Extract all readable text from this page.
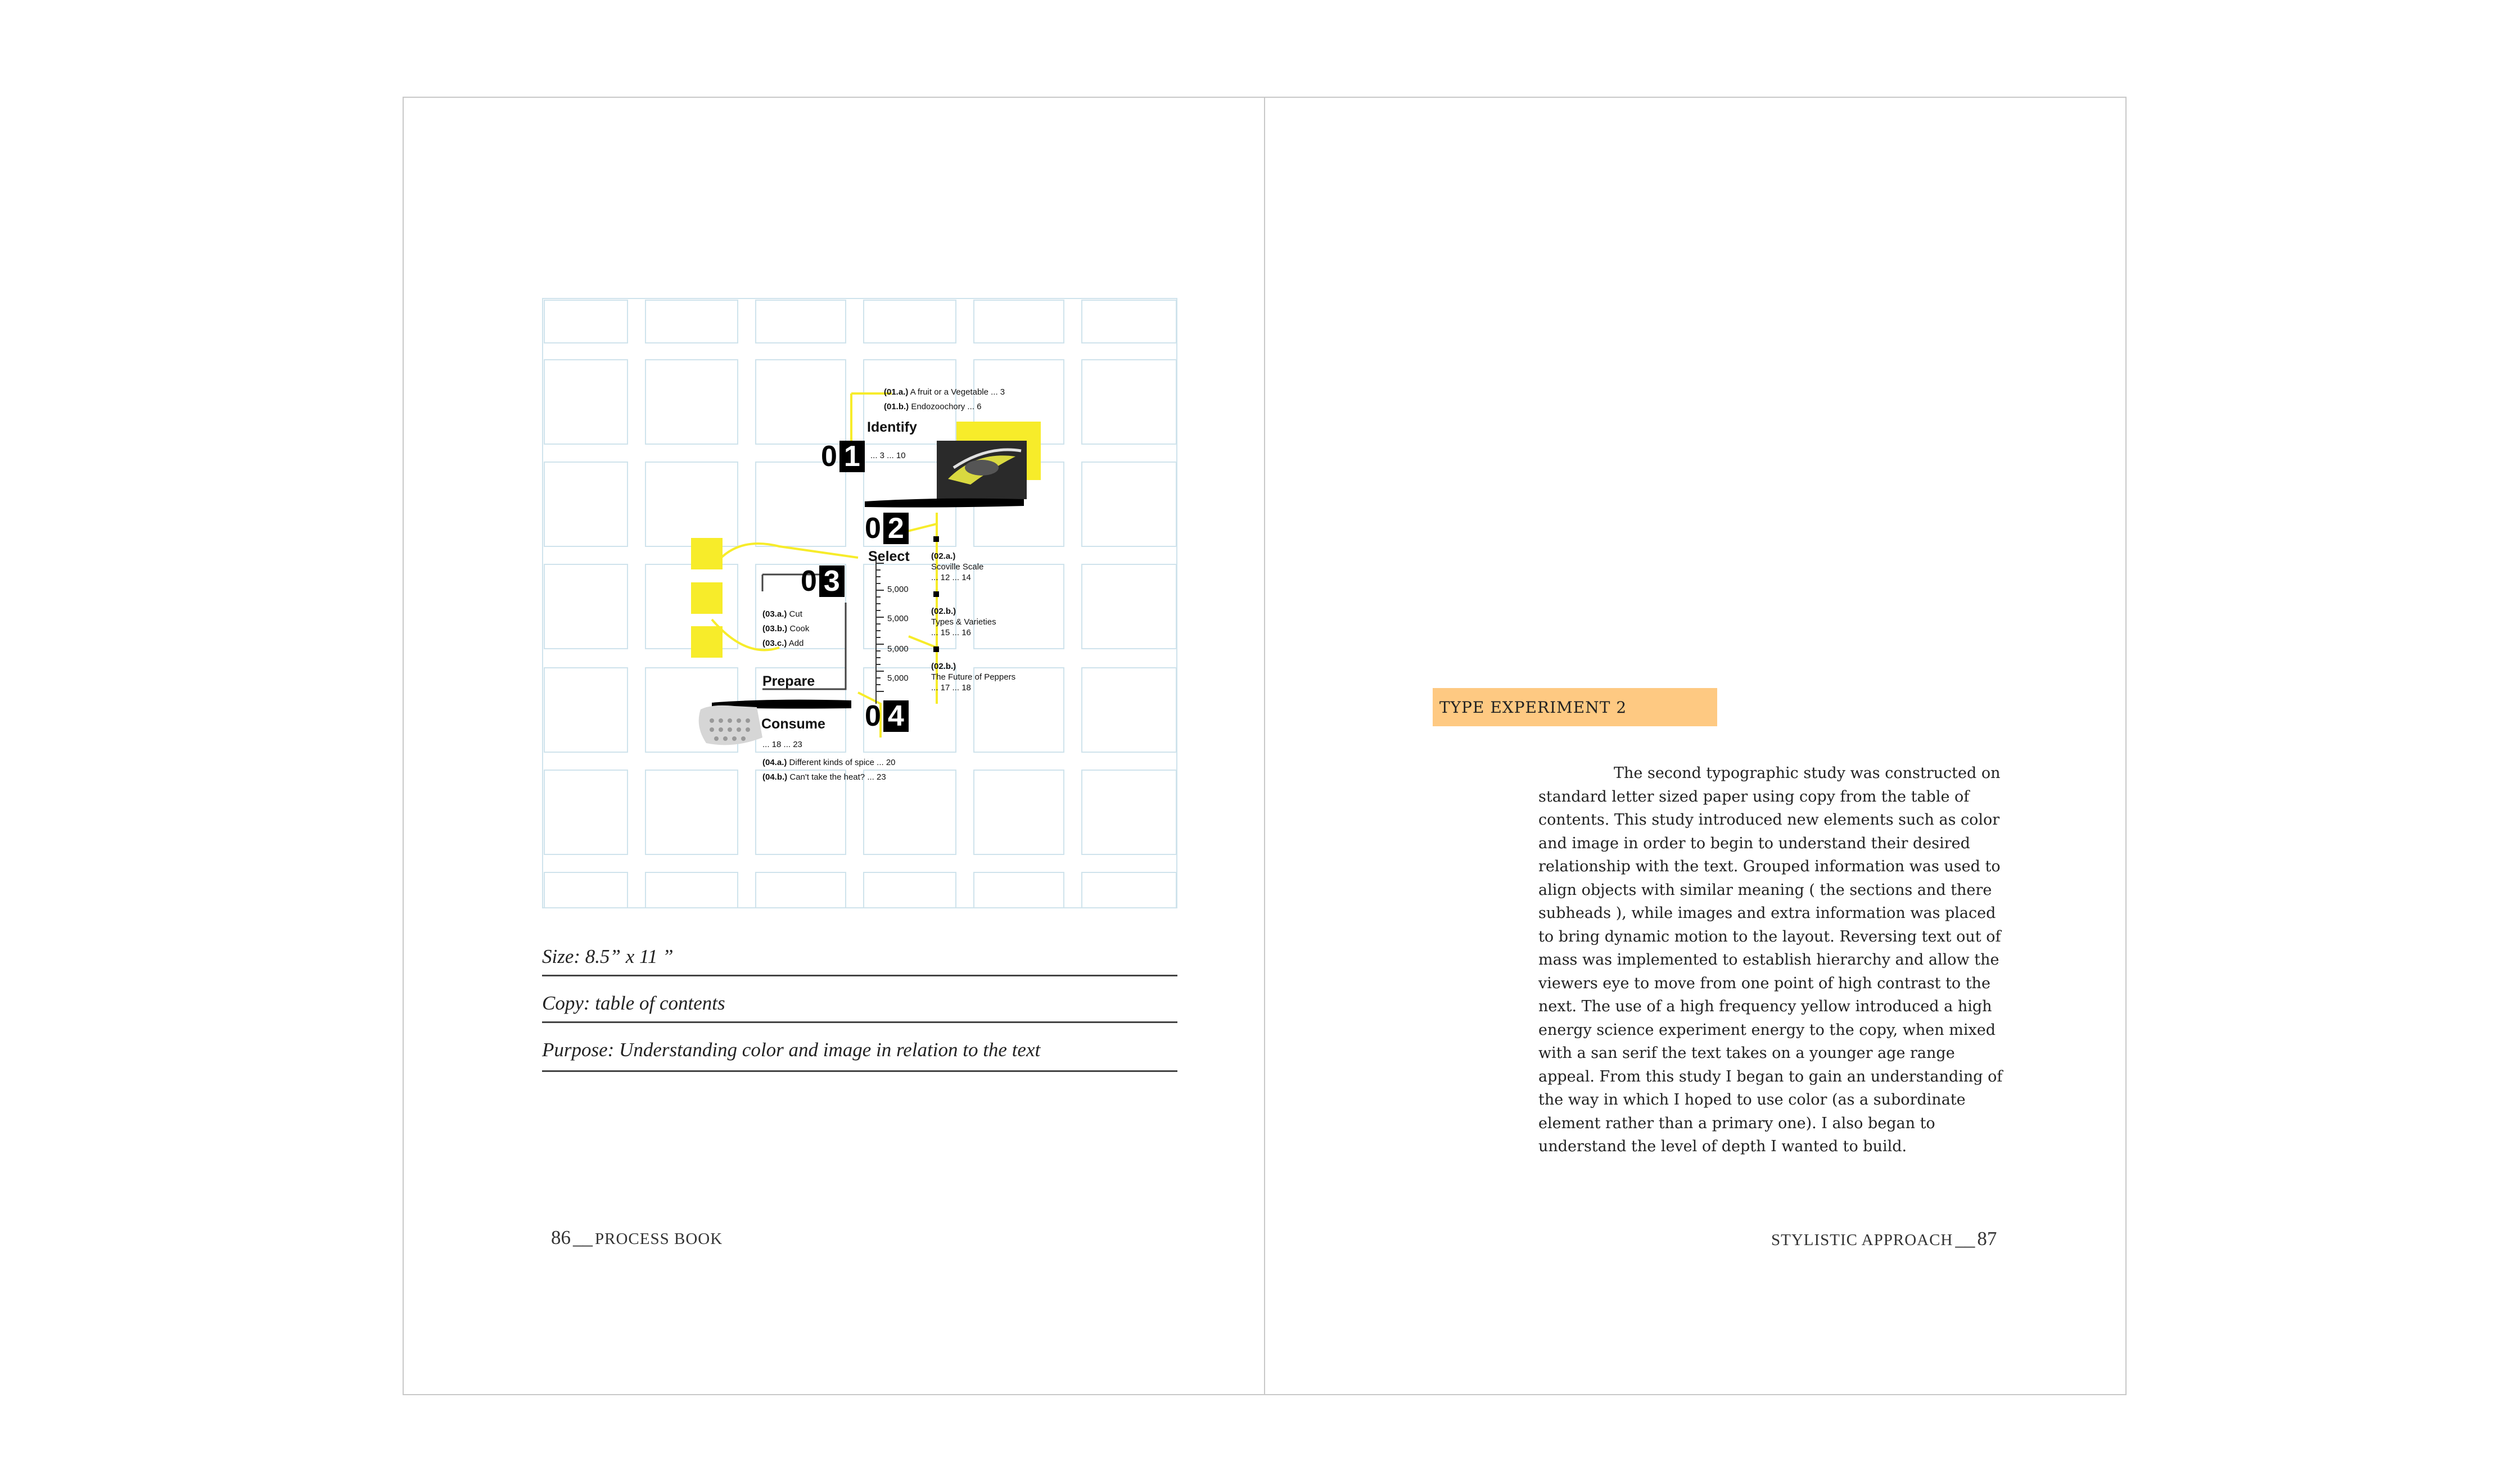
(01.a.) A fruit or a Vegetable ... 3
(01.b.) Endozoochory ... 6
Identify
0 1	... 3 ... 10
0 2
Select	(02.a.)
Scoville Scale
... 12 ... 14
(02.b.)
Types & Varieties
... 15 ... 16
(02.b.)
The Future of Peppers
... 17 ... 18
5,000
5,000
5,000
5,000
0 3
(03.a.) Cut
(03.b.) Cook
(03.c.) Add
Prepare
0 4
Consume
... 18 ... 23
(04.a.) Different kinds of spice ... 20
(04.b.) Can't take the heat? ... 23
Size: 8.5” x 11 ”
Copy: table of contents
Purpose: Understanding color and image in relation to the text
86 __ PROCESS BOOK
TYPE EXPERIMENT 2

The second typographic study was constructed on standard letter sized paper using copy from the table of contents. This study introduced new elements such as color and image in order to begin to understand their desired relationship with the text. Grouped information was used to align objects with similar meaning ( the sections and there subheads ), while images and extra information was placed to bring dynamic motion to the layout. Reversing text out of mass was implemented to establish hierarchy and allow the viewers eye to move from one point of high contrast to the next. The use of a high frequency yellow introduced a high energy science experiment energy to the copy, when mixed with a san serif the text takes on a younger age range appeal. From this study I began to gain an understanding of the way in which I hoped to use color (as a subordinate element rather than a primary one). I also began to understand the level of depth I wanted to build.

STYLISTIC APPROACH __ 87
